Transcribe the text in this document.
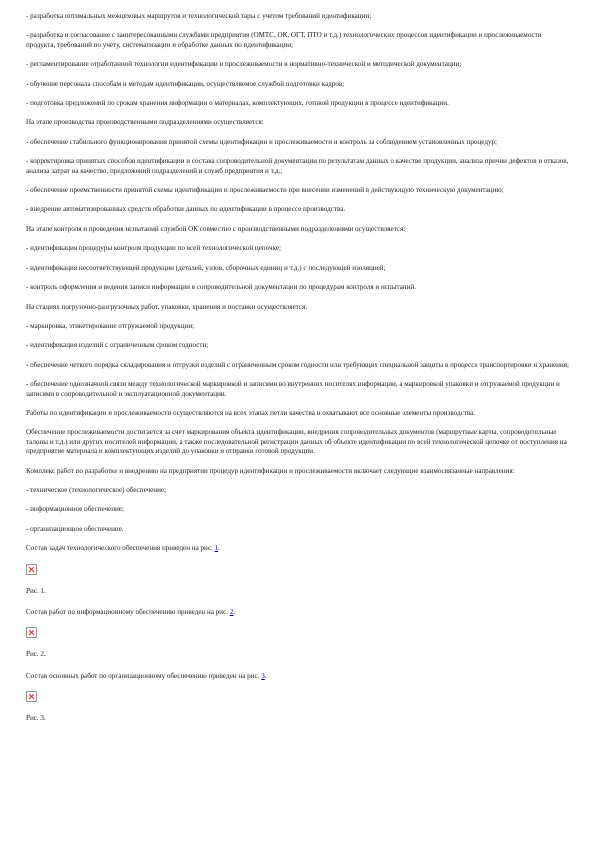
- разработка оптимальных межцеховых маршрутов и технологической тары с учетом требований идентификации;

- разработка и согласование с заинтересованными службами предприятия (ОМТС, ОК, ОГТ, ПТО и т.д.) технологических процессов идентификации и прослеживаемости продукта, требований по учету, систематизации и обработке данных по идентификации;

- регламентирование отработанной технологии идентификации и прослеживаемости в нормативно-технической и методической документации;

- обучение персонала способам и методам идентификации, осуществляемое службой подготовки кадров;

- подготовка предложений по срокам хранения информации о материалах, комплектующих, готовой продукции в процессе идентификации.

На этапе производства производственными подразделениями осуществляется:

- обеспечение стабильного функционирования принятой схемы идентификации и прослеживаемости и контроль за соблюдением установленных процедур;

- корректировка принятых способов идентификации и состава сопроводительной документации по результатам данных о качестве продукции, анализа причин дефектов и отказов, анализа затрат на качество, предложений подразделений и служб предприятия и т.д.;

- обеспечение преемственности принятой схемы идентификации и прослеживаемости при внесении изменений в действующую техническую документацию;

- внедрение автоматизированных средств обработки данных по идентификации в процессе производства.

На этапе контроля и проведения испытаний службой ОК совместно с производственными подразделениями осуществляется:

- идентификация процедуры контроля продукции по всей технологической цепочке;

- идентификация несоответствующей продукции (деталей, узлов, сборочных единиц и т.д.) с последующей изоляцией;

- контроль оформления и ведения записи информации в сопроводительной документации по процедурам контроля и испытаний.

На стадиях погрузочно-разгрузочных работ, упаковки, хранения и поставки осуществляется:

- маркировка, этикетирование отгружаемой продукции;

- идентификация изделий с ограниченным сроком годности;

- обеспечение четкого порядка складирования и отгрузки изделий с ограниченным сроком годности или требующих специальной защиты в процессе транспортировки и хранения;

- обеспечение однозначной связи между технологической маркировкой и записями во внутренних носителях информации, а маркировкой упаковки и отгружаемой продукции и записями в сопроводительной и эксплуатационной документации.

Работы по идентификации и прослеживаемости осуществляются на всех этапах петли качества и охватывают все основные элементы производства.

Обеспечение прослеживаемости достигается за счет маркирования объекта идентификации, внедрения сопроводительных документов (маршрутные карты, сопроводительные талоны и т.д.) или других носителей информации, а также последовательной регистрации данных об объекте идентификации по всей технологической цепочке от поступления на предприятие материала и комплектующих изделий до упаковки и отправки готовой продукции.

Комплекс работ по разработке и внедрению на предприятии процедур идентификации и прослеживаемости включает следующие взаимосвязанные направления:

- техническое (технологическое) обеспечение;

- информационное обеспечение;

- организационное обеспечение.

Состав задач технологического обеспечения приведен на рис. 1.

Рис. 1.

Состав работ по информационному обеспечению приведен на рис. 2.

Рис. 2.

Состав основных работ по организационному обеспечению приведен на рис. 3.

Рис. 3.
